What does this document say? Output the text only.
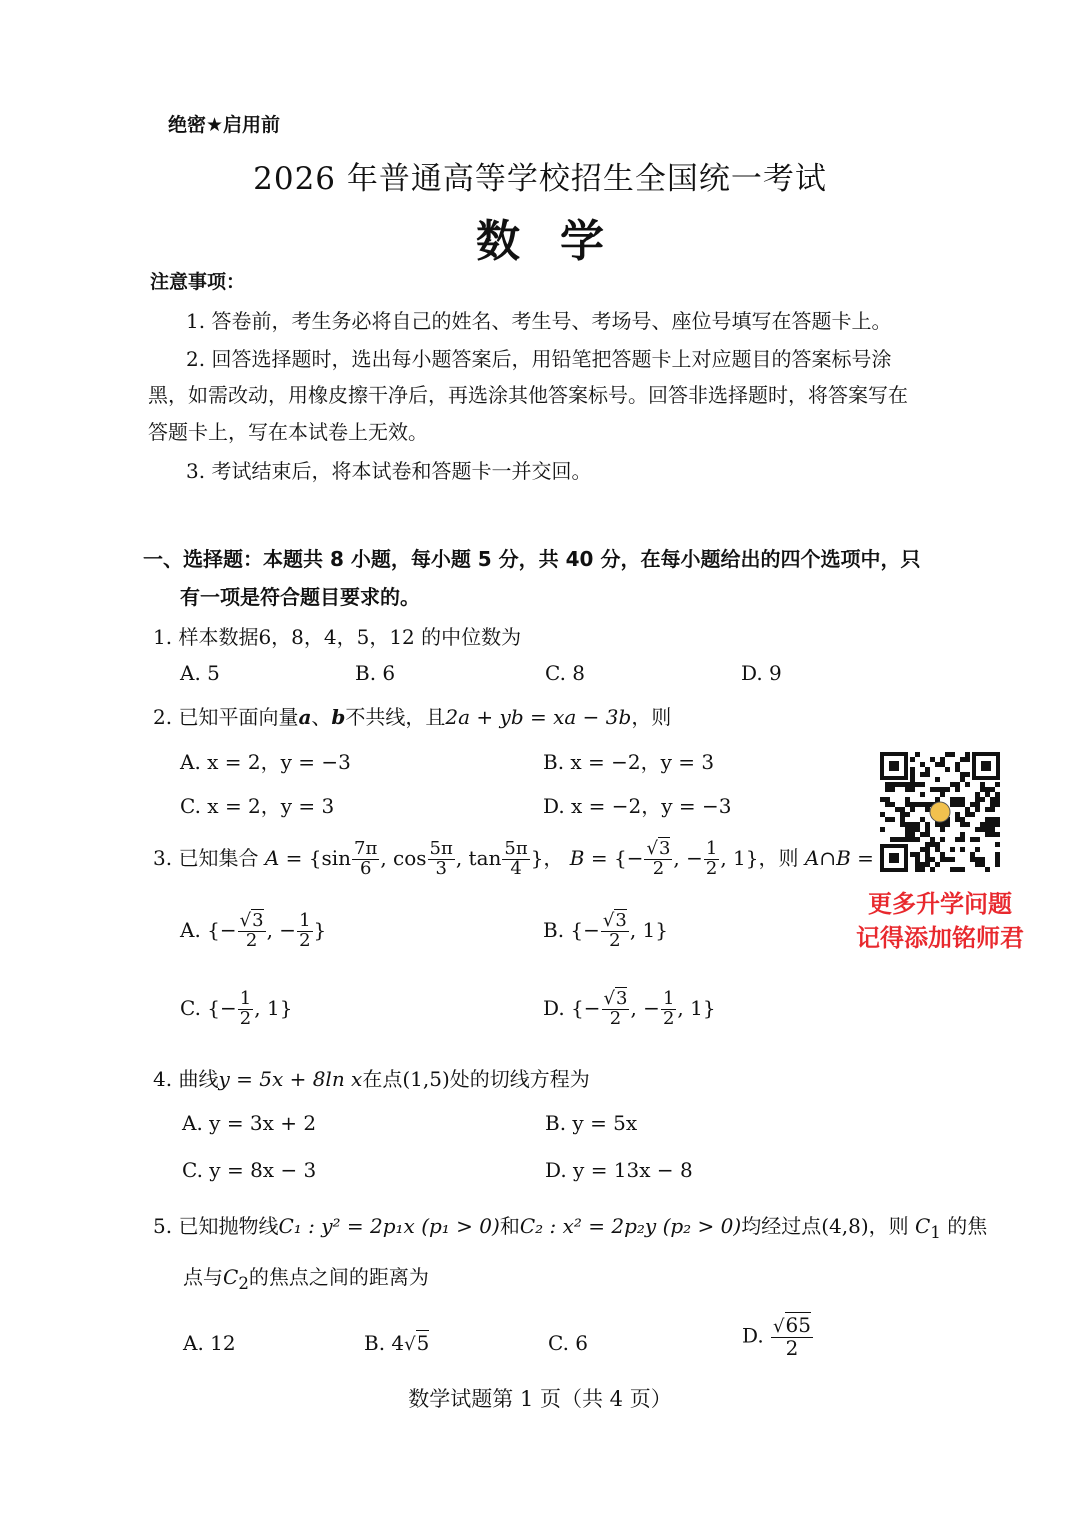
绝密★启用前
2026 年普通高等学校招生全国统一考试
数学
注意事项：
1. 答卷前，考生务必将自己的姓名、考生号、考场号、座位号填写在答题卡上。
2. 回答选择题时，选出每小题答案后，用铅笔把答题卡上对应题目的答案标号涂
黑，如需改动，用橡皮擦干净后，再选涂其他答案标号。回答非选择题时，将答案写在
答题卡上，写在本试卷上无效。
3. 考试结束后，将本试卷和答题卡一并交回。
一、选择题：本题共 8 小题，每小题 5 分，共 40 分，在每小题给出的四个选项中，只
有一项是符合题目要求的。
1. 样本数据6，8，4，5，12 的中位数为
A. 5	B. 6	C. 8	D. 9
2. 已知平面向量a、b不共线，且2a + yb = xa − 3b，则
A. x = 2，y = −3	B. x = −2，y = 3
C. x = 2，y = 3	D. x = −2，y = −3
3. 已知集合 $A = \{\sin \frac{7\pi}{6}$ , $\cos \frac{5\pi}{3}$ , $\tan \frac{5\pi}{4}$ }， B = {− $\frac{√3}{2}$ , − $\frac{1}{2}$ , 1}，则 A∩B =
A. {− $\frac{√3}{2}$ , − $\frac{1}{2}$ }	B. {− $\frac{√3}{2}$ , 1}
C. {− $\frac{1}{2}$ , 1}	D. {− $\frac{√3}{2}$ , − $\frac{1}{2}$ , 1}
4. 曲线y = 5x + 8ln x在点(1,5)处的切线方程为
A. y = 3x + 2	B. y = 5x
C. y = 8x − 3	D. y = 13x − 8
5. 已知抛物线C₁ : y² = 2p₁x (p₁ > 0)和C₂ : x² = 2p₂y (p₂ > 0)均经过点(4,8)，则 $C_1$ 的焦
点与$C_2$的焦点之间的距离为
A. 12	B. 4√5	C. 6	D. $\frac{√65}{2}$
更多升学问题
记得添加铭师君
数学试题第 1 页（共 4 页）
